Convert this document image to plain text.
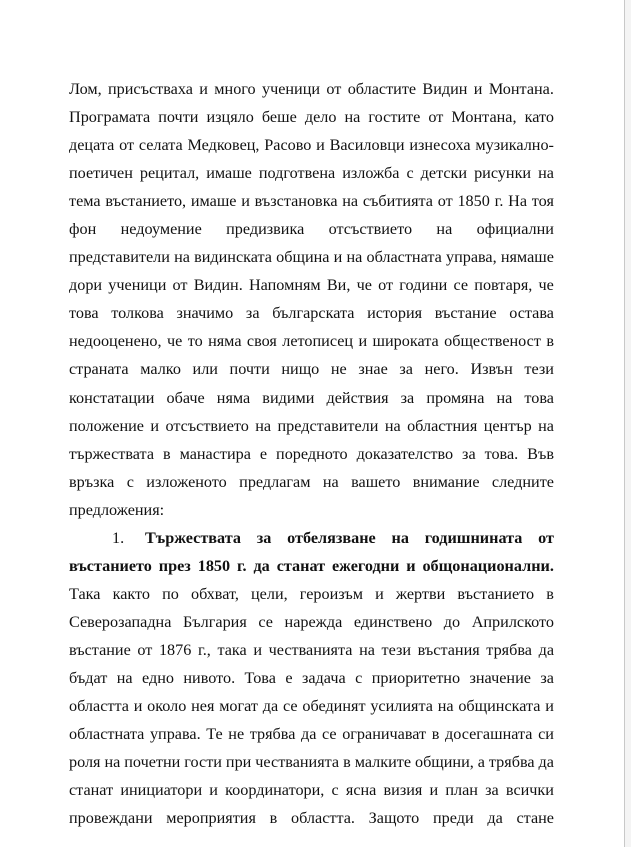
Лом, присъстваха и много ученици от областите Видин и Монтана.
Програмата почти изцяло беше дело на гостите от Монтана, като
децата от селата Медковец, Расово и Василовци изнесоха музикално-
поетичен рецитал, имаше подготвена изложба с детски рисунки на
тема въстанието, имаше и възстановка на събитията от 1850 г. На тоя
фон недоумение предизвика отсъствието на официални
представители на видинската община и на областната управа, нямаше
дори ученици от Видин. Напомням Ви, че от години се повтаря, че
това толкова значимо за българската история въстание остава
недооценено, че то няма своя летописец и широката общественост в
страната малко или почти нищо не знае за него. Извън тези
констатации обаче няма видими действия за промяна на това
положение и отсъствието на представители на областния център на
тържествата в манастира е поредното доказателство за това. Във
връзка с изложеното предлагам на вашето внимание следните
предложения:
1.	Тържествата за отбелязване на годишнината от
въстанието през 1850 г. да станат ежегодни и общонационални.
Така както по обхват, цели, героизъм и жертви въстанието в
Северозападна България се нарежда единствено до Априлското
въстание от 1876 г., така и честванията на тези въстания трябва да
бъдат на едно нивото. Това е задача с приоритетно значение за
областта и около нея могат да се обединят усилията на общинската и
областната управа. Те не трябва да се ограничават в досегашната си
роля на почетни гости при честванията в малките общини, а трябва да
станат инициатори и координатори, с ясна визия и план за всички
провеждани мероприятия в областта. Защото преди да стане
